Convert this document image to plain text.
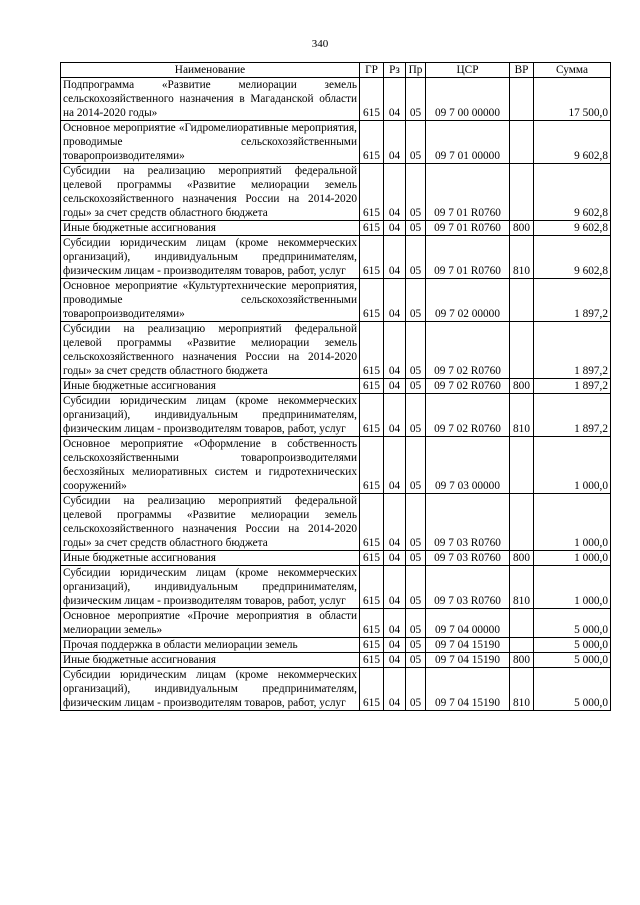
340
Наименование	ГР	Рз	Пр	ЦСР	ВР	Сумма
Подпрограмма «Развитие мелиорации земель сельскохозяйственного назначения в Магаданской области на 2014-2020 годы»	615	04	05	09 7 00 00000		17 500,0
Основное мероприятие «Гидромелиоративные мероприятия, проводимые сельскохозяйственными товаропроизводителями»	615	04	05	09 7 01 00000		9 602,8
Субсидии на реализацию мероприятий федеральной целевой программы «Развитие мелиорации земель сельскохозяйственного назначения России на 2014-2020 годы» за счет средств областного бюджета	615	04	05	09 7 01 R0760		9 602,8
Иные бюджетные ассигнования	615	04	05	09 7 01 R0760	800	9 602,8
Субсидии юридическим лицам (кроме некоммерческих организаций), индивидуальным предпринимателям, физическим лицам - производителям товаров, работ, услуг	615	04	05	09 7 01 R0760	810	9 602,8
Основное мероприятие «Культуртехнические мероприятия, проводимые сельскохозяйственными товаропроизводителями»	615	04	05	09 7 02 00000		1 897,2
Субсидии на реализацию мероприятий федеральной целевой программы «Развитие мелиорации земель сельскохозяйственного назначения России на 2014-2020 годы» за счет средств областного бюджета	615	04	05	09 7 02 R0760		1 897,2
Иные бюджетные ассигнования	615	04	05	09 7 02 R0760	800	1 897,2
Субсидии юридическим лицам (кроме некоммерческих организаций), индивидуальным предпринимателям, физическим лицам - производителям товаров, работ, услуг	615	04	05	09 7 02 R0760	810	1 897,2
Основное мероприятие «Оформление в собственность сельскохозяйственными товаропроизводителями бесхозяйных мелиоративных систем и гидротехнических сооружений»	615	04	05	09 7 03 00000		1 000,0
Субсидии на реализацию мероприятий федеральной целевой программы «Развитие мелиорации земель сельскохозяйственного назначения России на 2014-2020 годы» за счет средств областного бюджета	615	04	05	09 7 03 R0760		1 000,0
Иные бюджетные ассигнования	615	04	05	09 7 03 R0760	800	1 000,0
Субсидии юридическим лицам (кроме некоммерческих организаций), индивидуальным предпринимателям, физическим лицам - производителям товаров, работ, услуг	615	04	05	09 7 03 R0760	810	1 000,0
Основное мероприятие «Прочие мероприятия в области мелиорации земель»	615	04	05	09 7 04 00000		5 000,0
Прочая поддержка в области мелиорации земель	615	04	05	09 7 04 15190		5 000,0
Иные бюджетные ассигнования	615	04	05	09 7 04 15190	800	5 000,0
Субсидии юридическим лицам (кроме некоммерческих организаций), индивидуальным предпринимателям, физическим лицам - производителям товаров, работ, услуг	615	04	05	09 7 04 15190	810	5 000,0
